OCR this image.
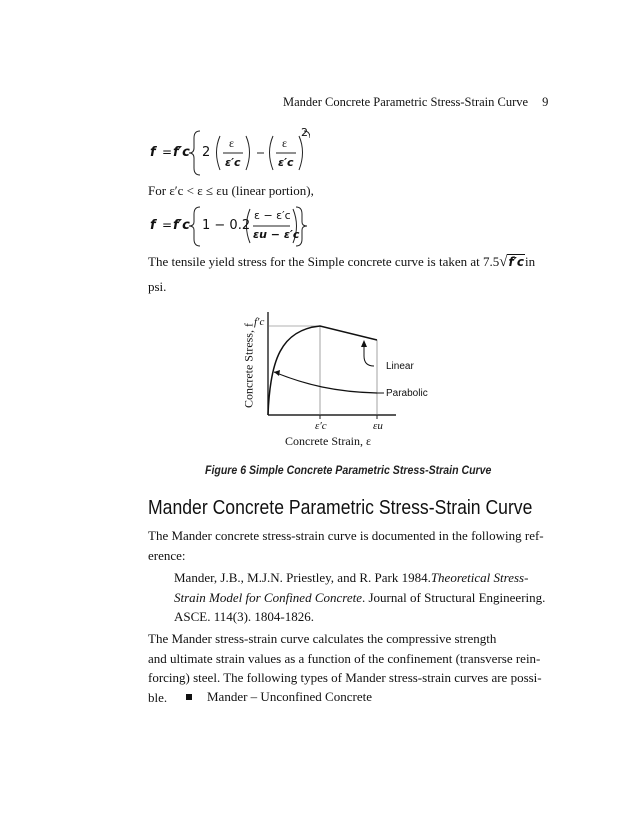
Mander Concrete Parametric Stress-Strain Curve 9
f = f′c 2
ε
ε′c
ε
ε′c
2
For ε′c < ε ≤ εu (linear portion),
f = f′c 1 − 0.2
ε − ε′c
εu − ε′c
The tensile yield stress for the Simple concrete curve is taken at 7.5√f′c in
psi.
f′c
Linear
Parabolic
ε′c	εu
Concrete Strain, ε
Concrete Stress, f
Figure 6 Simple Concrete Parametric Stress-Strain Curve
Mander Concrete Parametric Stress-Strain Curve
The Mander concrete stress-strain curve is documented in the following ref-
erence:
Mander, J.B., M.J.N. Priestley, and R. Park 1984. Theoretical Stress-
Strain Model for Confined Concrete. Journal of Structural Engineering.
ASCE. 114(3). 1804-1826.
The Mander stress-strain curve calculates the compressive strength
and ultimate strain values as a function of the confinement (transverse rein-
forcing) steel. The following types of Mander stress-strain curves are possi-
ble.	Mander – Unconfined Concrete
